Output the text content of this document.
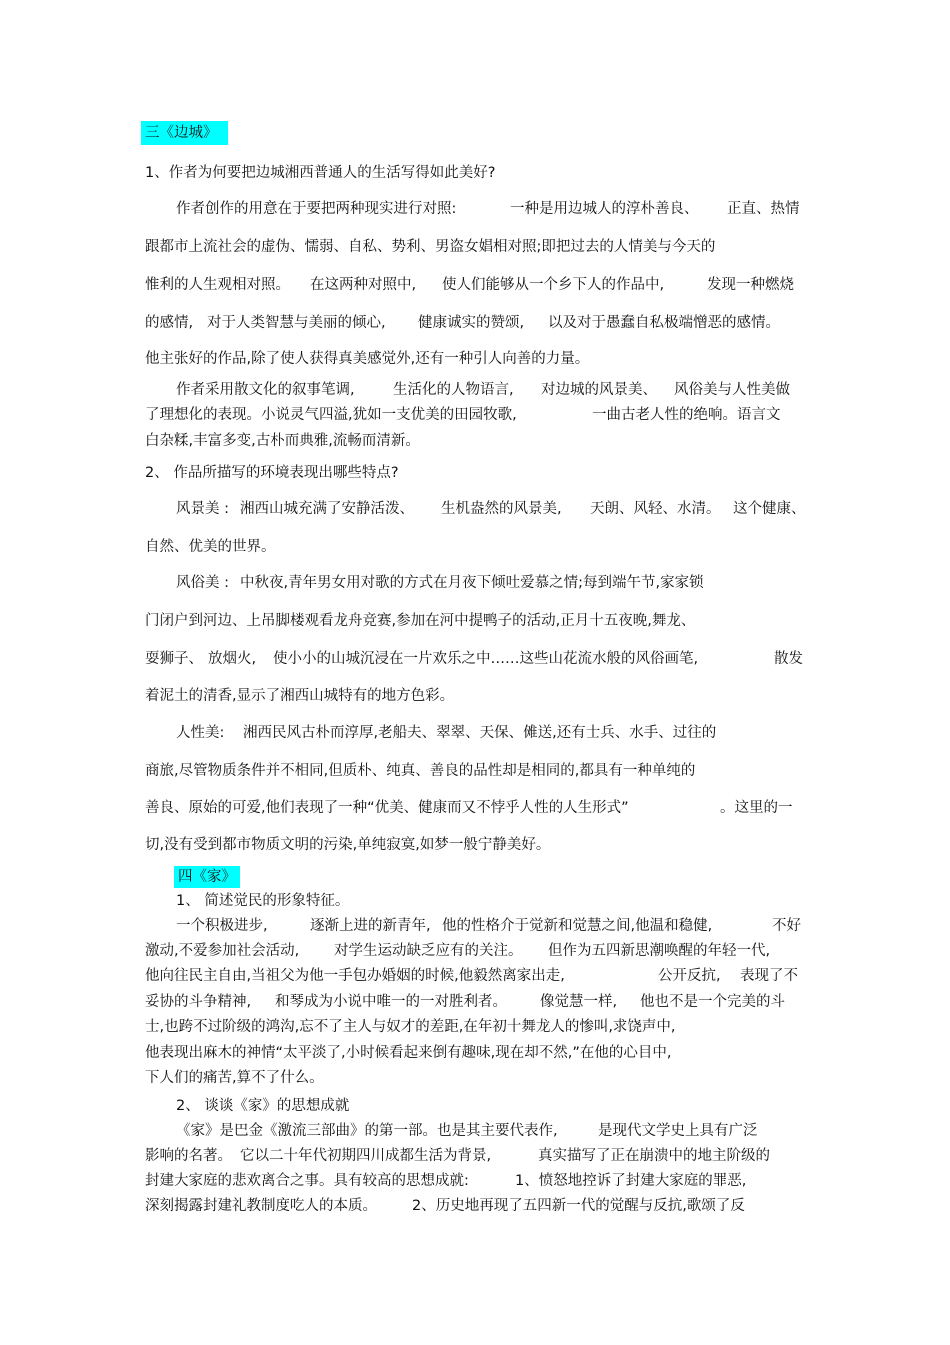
三《边城》
1、作者为何要把边城湘西普通人的生活写得如此美好?
作者创作的用意在于要把两种现实进行对照:	一种是用边城人的淳朴善良、 正直、热情
跟都市上流社会的虚伪、懦弱、自私、势利、男盗女娼相对照;即把过去的人情美与今天的
惟利的人生观相对照。 在这两种对照中, 使人们能够从一个乡下人的作品中,	发现一种燃烧
的感情, 对于人类智慧与美丽的倾心, 健康诚实的赞颂, 以及对于愚蠢自私极端憎恶的感情。
他主张好的作品,除了使人获得真美感觉外,还有一种引人向善的力量。
作者采用散文化的叙事笔调,	生活化的人物语言, 对边城的风景美、 风俗美与人性美做
了理想化的表现。小说灵气四溢,犹如一支优美的田园牧歌,	一曲古老人性的绝响。语言文
白杂糅,丰富多变,古朴而典雅,流畅而清新。
2、 作品所描写的环境表现出哪些特点?
风景美 : 湘西山城充满了安静活泼、 生机盎然的风景美, 天朗、风轻、水清。 这个健康、
自然、优美的世界。
风俗美 : 中秋夜,青年男女用对歌的方式在月夜下倾吐爱慕之情;每到端午节,家家锁
门闭户到河边、上吊脚楼观看龙舟竞赛,参加在河中提鸭子的活动,正月十五夜晚,舞龙、
耍狮子、 放烟火, 使小小的山城沉浸在一片欢乐之中……这些山花流水般的风俗画笔,	散发
着泥土的清香,显示了湘西山城特有的地方色彩。
人性美: 湘西民风古朴而淳厚,老船夫、翠翠、天保、傩送,还有士兵、水手、过往的
商旅,尽管物质条件并不相同,但质朴、纯真、善良的品性却是相同的,都具有一种单纯的
善良、原始的可爱,他们表现了一种“优美、健康而又不悖乎人性的人生形式”	。这里的一
切,没有受到都市物质文明的污染,单纯寂寞,如梦一般宁静美好。
四《家》
1、 简述觉民的形象特征。
一个积极进步,	逐渐上进的新青年, 他的性格介于觉新和觉慧之间,他温和稳健,	不好
激动,不爱参加社会活动, 对学生运动缺乏应有的关注。 但作为五四新思潮唤醒的年轻一代,
他向往民主自由,当祖父为他一手包办婚姻的时候,他毅然离家出走,	公开反抗, 表现了不
妥协的斗争精神, 和琴成为小说中唯一的一对胜利者。 像觉慧一样, 他也不是一个完美的斗
士,也跨不过阶级的鸿沟,忘不了主人与奴才的差距,在年初十舞龙人的惨叫,求饶声中,
他表现出麻木的神情“太平淡了,小时候看起来倒有趣味,现在却不然,”在他的心目中,
下人们的痛苦,算不了什么。
2、 谈谈《家》的思想成就
《家》是巴金《激流三部曲》的第一部。也是其主要代表作,	是现代文学史上具有广泛
影响的名著。 它以二十年代初期四川成都生活为背景,	真实描写了正在崩溃中的地主阶级的
封建大家庭的悲欢离合之事。具有较高的思想成就:	1、愤怒地控诉了封建大家庭的罪恶,
深刻揭露封建礼教制度吃人的本质。 2、历史地再现了五四新一代的觉醒与反抗,歌颂了反
